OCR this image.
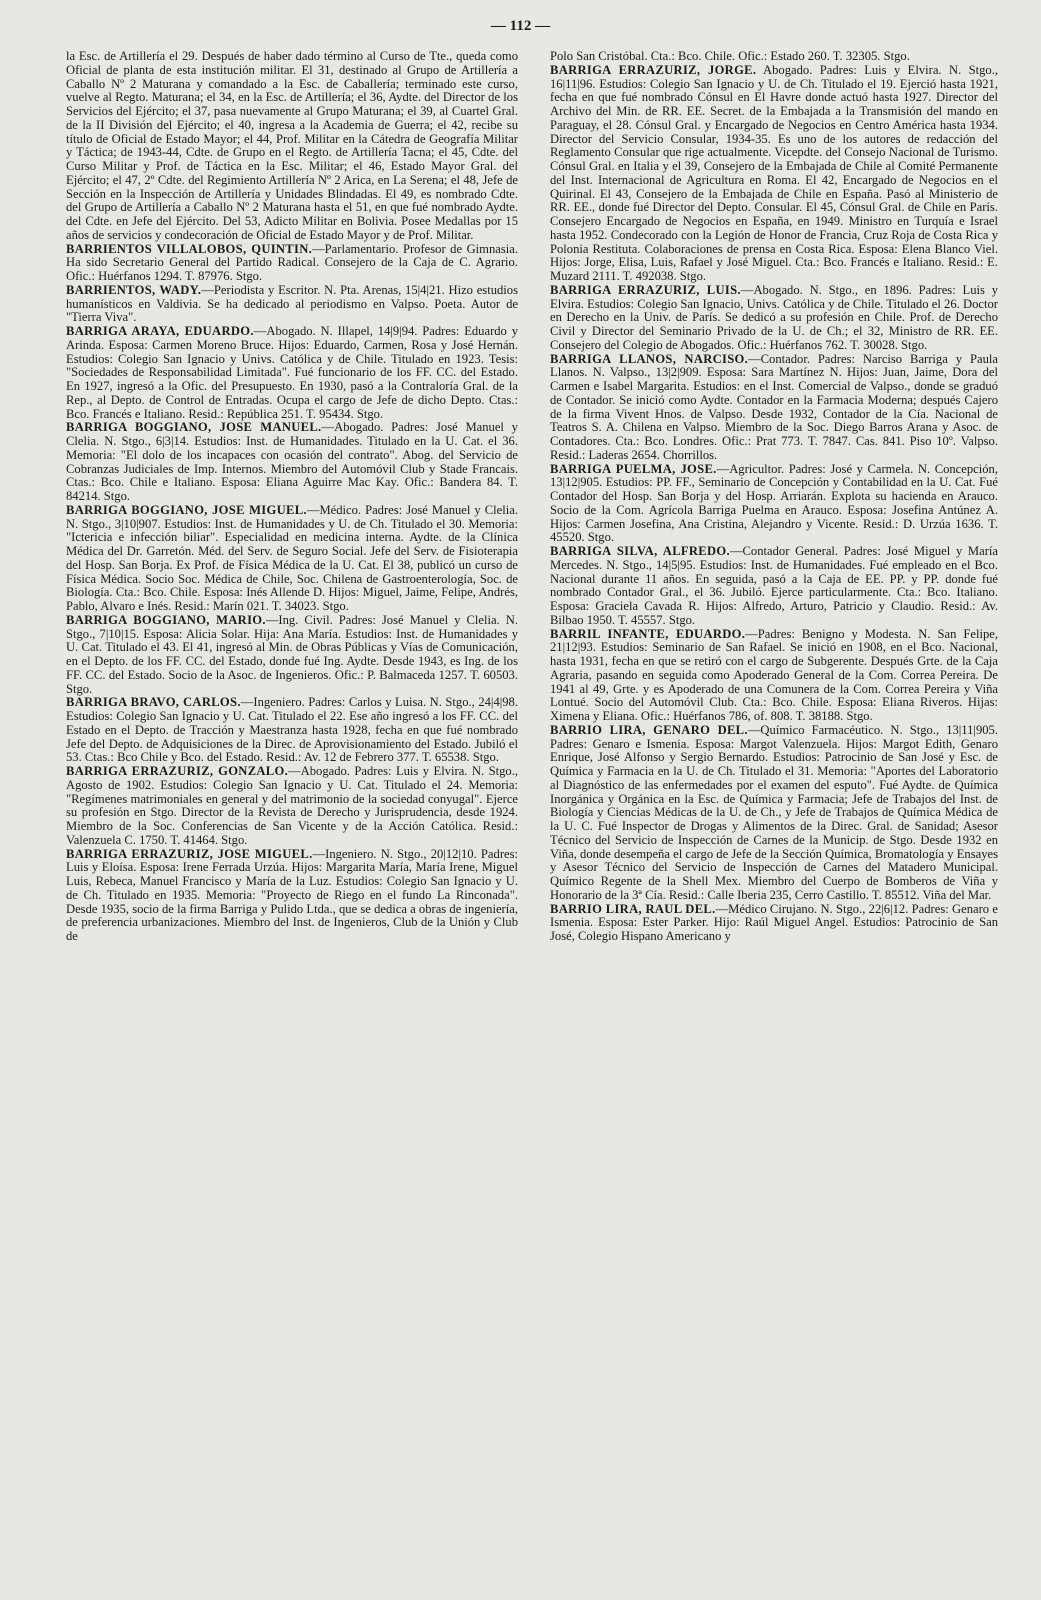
— 112 —

la Esc. de Artillería el 29. Después de haber dado término al Curso de Tte., queda como Oficial de planta de esta institución militar. El 31, destinado al Grupo de Artillería a Caballo Nº 2 Maturana y comandado a la Esc. de Caballería; terminado este curso, vuelve al Regto. Maturana; el 34, en la Esc. de Artillería; el 36, Aydte. del Director de los Servicios del Ejército; el 37, pasa nuevamente al Grupo Maturana; el 39, al Cuartel Gral. de la II División del Ejército; el 40, ingresa a la Academia de Guerra; el 42, recibe su título de Oficial de Estado Mayor; el 44, Prof. Militar en la Cátedra de Geografía Militar y Táctica; de 1943-44, Cdte. de Grupo en el Regto. de Artillería Tacna; el 45, Cdte. del Curso Militar y Prof. de Táctica en la Esc. Militar; el 46, Estado Mayor Gral. del Ejército; el 47, 2º Cdte. del Regimiento Artillería Nº 2 Arica, en La Serena; el 48, Jefe de Sección en la Inspección de Artillería y Unidades Blindadas. El 49, es nombrado Cdte. del Grupo de Artillería a Caballo Nº 2 Maturana hasta el 51, en que fué nombrado Aydte. del Cdte. en Jefe del Ejército. Del 53, Adicto Militar en Bolivia. Posee Medallas por 15 años de servicios y condecoración de Oficial de Estado Mayor y de Prof. Militar.

BARRIENTOS VILLALOBOS, QUINTIN.—Parlamentario. Profesor de Gimnasia. Ha sido Secretario General del Partido Radical. Consejero de la Caja de C. Agrario. Ofic.: Huérfanos 1294. T. 87976. Stgo.

BARRIENTOS, WADY.—Periodista y Escritor. N. Pta. Arenas, 15|4|21. Hizo estudios humanísticos en Valdivia. Se ha dedicado al periodismo en Valpso. Poeta. Autor de "Tierra Viva".

BARRIGA ARAYA, EDUARDO.—Abogado. N. Illapel, 14|9|94. Padres: Eduardo y Arinda. Esposa: Carmen Moreno Bruce. Hijos: Eduardo, Carmen, Rosa y José Hernán. Estudios: Colegio San Ignacio y Univs. Católica y de Chile. Titulado en 1923. Tesis: "Sociedades de Responsabilidad Limitada". Fué funcionario de los FF. CC. del Estado. En 1927, ingresó a la Ofic. del Presupuesto. En 1930, pasó a la Contraloría Gral. de la Rep., al Depto. de Control de Entradas. Ocupa el cargo de Jefe de dicho Depto. Ctas.: Bco. Francés e Italiano. Resid.: República 251. T. 95434. Stgo.

BARRIGA BOGGIANO, JOSE MANUEL.—Abogado. Padres: José Manuel y Clelia. N. Stgo., 6|3|14. Estudios: Inst. de Humanidades. Titulado en la U. Cat. el 36. Memoria: "El dolo de los incapaces con ocasión del contrato". Abog. del Servicio de Cobranzas Judiciales de Imp. Internos. Miembro del Automóvil Club y Stade Francais. Ctas.: Bco. Chile e Italiano. Esposa: Eliana Aguirre Mac Kay. Ofic.: Bandera 84. T. 84214. Stgo.

BARRIGA BOGGIANO, JOSE MIGUEL.—Médico. Padres: José Manuel y Clelia. N. Stgo., 3|10|907. Estudios: Inst. de Humanidades y U. de Ch. Titulado el 30. Memoria: "Ictericia e infección biliar". Especialidad en medicina interna. Aydte. de la Clínica Médica del Dr. Garretón. Méd. del Serv. de Seguro Social. Jefe del Serv. de Fisioterapia del Hosp. San Borja. Ex Prof. de Física Médica de la U. Cat. El 38, publicó un curso de Física Médica. Socio Soc. Médica de Chile, Soc. Chilena de Gastroenterología, Soc. de Biología. Cta.: Bco. Chile. Esposa: Inés Allende D. Hijos: Miguel, Jaime, Felipe, Andrés, Pablo, Alvaro e Inés. Resid.: Marín 021. T. 34023. Stgo.

BARRIGA BOGGIANO, MARIO.—Ing. Civil. Padres: José Manuel y Clelia. N. Stgo., 7|10|15. Esposa: Alicia Solar. Hija: Ana María. Estudios: Inst. de Humanidades y U. Cat. Titulado el 43. El 41, ingresó al Min. de Obras Públicas y Vías de Comunicación, en el Depto. de los FF. CC. del Estado, donde fué Ing. Aydte. Desde 1943, es Ing. de los FF. CC. del Estado. Socio de la Asoc. de Ingenieros. Ofic.: P. Balmaceda 1257. T. 60503. Stgo.

BARRIGA BRAVO, CARLOS.—Ingeniero. Padres: Carlos y Luisa. N. Stgo., 24|4|98. Estudios: Colegio San Ignacio y U. Cat. Titulado el 22. Ese año ingresó a los FF. CC. del Estado en el Depto. de Tracción y Maestranza hasta 1928, fecha en que fué nombrado Jefe del Depto. de Adquisiciones de la Direc. de Aprovisionamiento del Estado. Jubiló el 53. Ctas.: Bco Chile y Bco. del Estado. Resid.: Av. 12 de Febrero 377. T. 65538. Stgo.

BARRIGA ERRAZURIZ, GONZALO.—Abogado. Padres: Luis y Elvira. N. Stgo., Agosto de 1902. Estudios: Colegio San Ignacio y U. Cat. Titulado el 24. Memoria: "Regímenes matrimoniales en general y del matrimonio de la sociedad conyugal". Ejerce su profesión en Stgo. Director de la Revista de Derecho y Jurisprudencia, desde 1924. Miembro de la Soc. Conferencias de San Vicente y de la Acción Católica. Resid.: Valenzuela C. 1750. T. 41464. Stgo.

BARRIGA ERRAZURIZ, JOSE MIGUEL.—Ingeniero. N. Stgo., 20|12|10. Padres: Luis y Eloísa. Esposa: Irene Ferrada Urzúa. Hijos: Margarita María, María Irene, Miguel Luis, Rebeca, Manuel Francisco y María de la Luz. Estudios: Colegio San Ignacio y U. de Ch. Titulado en 1935. Memoria: "Proyecto de Riego en el fundo La Rinconada". Desde 1935, socio de la firma Barriga y Pulido Ltda., que se dedica a obras de ingeniería, de preferencia urbanizaciones. Miembro del Inst. de Ingenieros, Club de la Unión y Club de

Polo San Cristóbal. Cta.: Bco. Chile. Ofic.: Estado 260. T. 32305. Stgo.

BARRIGA ERRAZURIZ, JORGE. Abogado. Padres: Luis y Elvira. N. Stgo., 16|11|96. Estudios: Colegio San Ignacio y U. de Ch. Titulado el 19. Ejerció hasta 1921, fecha en que fué nombrado Cónsul en El Havre donde actuó hasta 1927. Director del Archivo del Min. de RR. EE. Secret. de la Embajada a la Transmisión del mando en Paraguay, el 28. Cónsul Gral. y Encargado de Negocios en Centro América hasta 1934. Director del Servicio Consular, 1934-35. Es uno de los autores de redacción del Reglamento Consular que rige actualmente. Vicepdte. del Consejo Nacional de Turismo. Cónsul Gral. en Italia y el 39, Consejero de la Embajada de Chile al Comité Permanente del Inst. Internacional de Agricultura en Roma. El 42, Encargado de Negocios en el Quirinal. El 43, Consejero de la Embajada de Chile en España. Pasó al Ministerio de RR. EE., donde fué Director del Depto. Consular. El 45, Cónsul Gral. de Chile en París. Consejero Encargado de Negocios en España, en 1949. Ministro en Turquía e Israel hasta 1952. Condecorado con la Legión de Honor de Francia, Cruz Roja de Costa Rica y Polonia Restituta. Colaboraciones de prensa en Costa Rica. Esposa: Elena Blanco Viel. Hijos: Jorge, Elisa, Luis, Rafael y José Miguel. Cta.: Bco. Francés e Italiano. Resid.: E. Muzard 2111. T. 492038. Stgo.

BARRIGA ERRAZURIZ, LUIS.—Abogado. N. Stgo., en 1896. Padres: Luis y Elvira. Estudios: Colegio San Ignacio, Univs. Católica y de Chile. Titulado el 26. Doctor en Derecho en la Univ. de París. Se dedicó a su profesión en Chile. Prof. de Derecho Civil y Director del Seminario Privado de la U. de Ch.; el 32, Ministro de RR. EE. Consejero del Colegio de Abogados. Ofic.: Huérfanos 762. T. 30028. Stgo.

BARRIGA LLANOS, NARCISO.—Contador. Padres: Narciso Barriga y Paula Llanos. N. Valpso., 13|2|909. Esposa: Sara Martínez N. Hijos: Juan, Jaime, Dora del Carmen e Isabel Margarita. Estudios: en el Inst. Comercial de Valpso., donde se graduó de Contador. Se inició como Aydte. Contador en la Farmacia Moderna; después Cajero de la firma Vivent Hnos. de Valpso. Desde 1932, Contador de la Cía. Nacional de Teatros S. A. Chilena en Valpso. Miembro de la Soc. Diego Barros Arana y Asoc. de Contadores. Cta.: Bco. Londres. Ofic.: Prat 773. T. 7847. Cas. 841. Piso 10º. Valpso. Resid.: Laderas 2654. Chorrillos.

BARRIGA PUELMA, JOSE.—Agricultor. Padres: José y Carmela. N. Concepción, 13|12|905. Estudios: PP. FF., Seminario de Concepción y Contabilidad en la U. Cat. Fué Contador del Hosp. San Borja y del Hosp. Arriarán. Explota su hacienda en Arauco. Socio de la Com. Agrícola Barriga Puelma en Arauco. Esposa: Josefina Antúnez A. Hijos: Carmen Josefina, Ana Cristina, Alejandro y Vicente. Resid.: D. Urzúa 1636. T. 45520. Stgo.

BARRIGA SILVA, ALFREDO.—Contador General. Padres: José Miguel y María Mercedes. N. Stgo., 14|5|95. Estudios: Inst. de Humanidades. Fué empleado en el Bco. Nacional durante 11 años. En seguida, pasó a la Caja de EE. PP. y PP. donde fué nombrado Contador Gral., el 36. Jubiló. Ejerce particularmente. Cta.: Bco. Italiano. Esposa: Graciela Cavada R. Hijos: Alfredo, Arturo, Patricio y Claudio. Resid.: Av. Bilbao 1950. T. 45557. Stgo.

BARRIL INFANTE, EDUARDO.—Padres: Benigno y Modesta. N. San Felipe, 21|12|93. Estudios: Seminario de San Rafael. Se inició en 1908, en el Bco. Nacional, hasta 1931, fecha en que se retiró con el cargo de Subgerente. Después Grte. de la Caja Agraria, pasando en seguida como Apoderado General de la Com. Correa Pereira. De 1941 al 49, Grte. y es Apoderado de una Comunera de la Com. Correa Pereira y Viña Lontué. Socio del Automóvil Club. Cta.: Bco. Chile. Esposa: Eliana Riveros. Hijas: Ximena y Eliana. Ofic.: Huérfanos 786, of. 808. T. 38188. Stgo.

BARRIO LIRA, GENARO DEL.—Químico Farmacéutico. N. Stgo., 13|11|905. Padres: Genaro e Ismenia. Esposa: Margot Valenzuela. Hijos: Margot Edith, Genaro Enrique, José Alfonso y Sergio Bernardo. Estudios: Patrocinio de San José y Esc. de Química y Farmacia en la U. de Ch. Titulado el 31. Memoria: "Aportes del Laboratorio al Diagnóstico de las enfermedades por el examen del esputo". Fué Aydte. de Química Inorgánica y Orgánica en la Esc. de Química y Farmacia; Jefe de Trabajos del Inst. de Biología y Ciencias Médicas de la U. de Ch., y Jefe de Trabajos de Química Médica de la U. C. Fué Inspector de Drogas y Alimentos de la Direc. Gral. de Sanidad; Asesor Técnico del Servicio de Inspección de Carnes de la Municip. de Stgo. Desde 1932 en Viña, donde desempeña el cargo de Jefe de la Sección Química, Bromatología y Ensayes y Asesor Técnico del Servicio de Inspección de Carnes del Matadero Municipal. Químico Regente de la Shell Mex. Miembro del Cuerpo de Bomberos de Viña y Honorario de la 3ª Cía. Resid.: Calle Iberia 235, Cerro Castillo. T. 85512. Viña del Mar.

BARRIO LIRA, RAUL DEL.—Médico Cirujano. N. Stgo., 22|6|12. Padres: Genaro e Ismenia. Esposa: Ester Parker. Hijo: Raúl Miguel Angel. Estudios: Patrocinio de San José, Colegio Hispano Americano y
